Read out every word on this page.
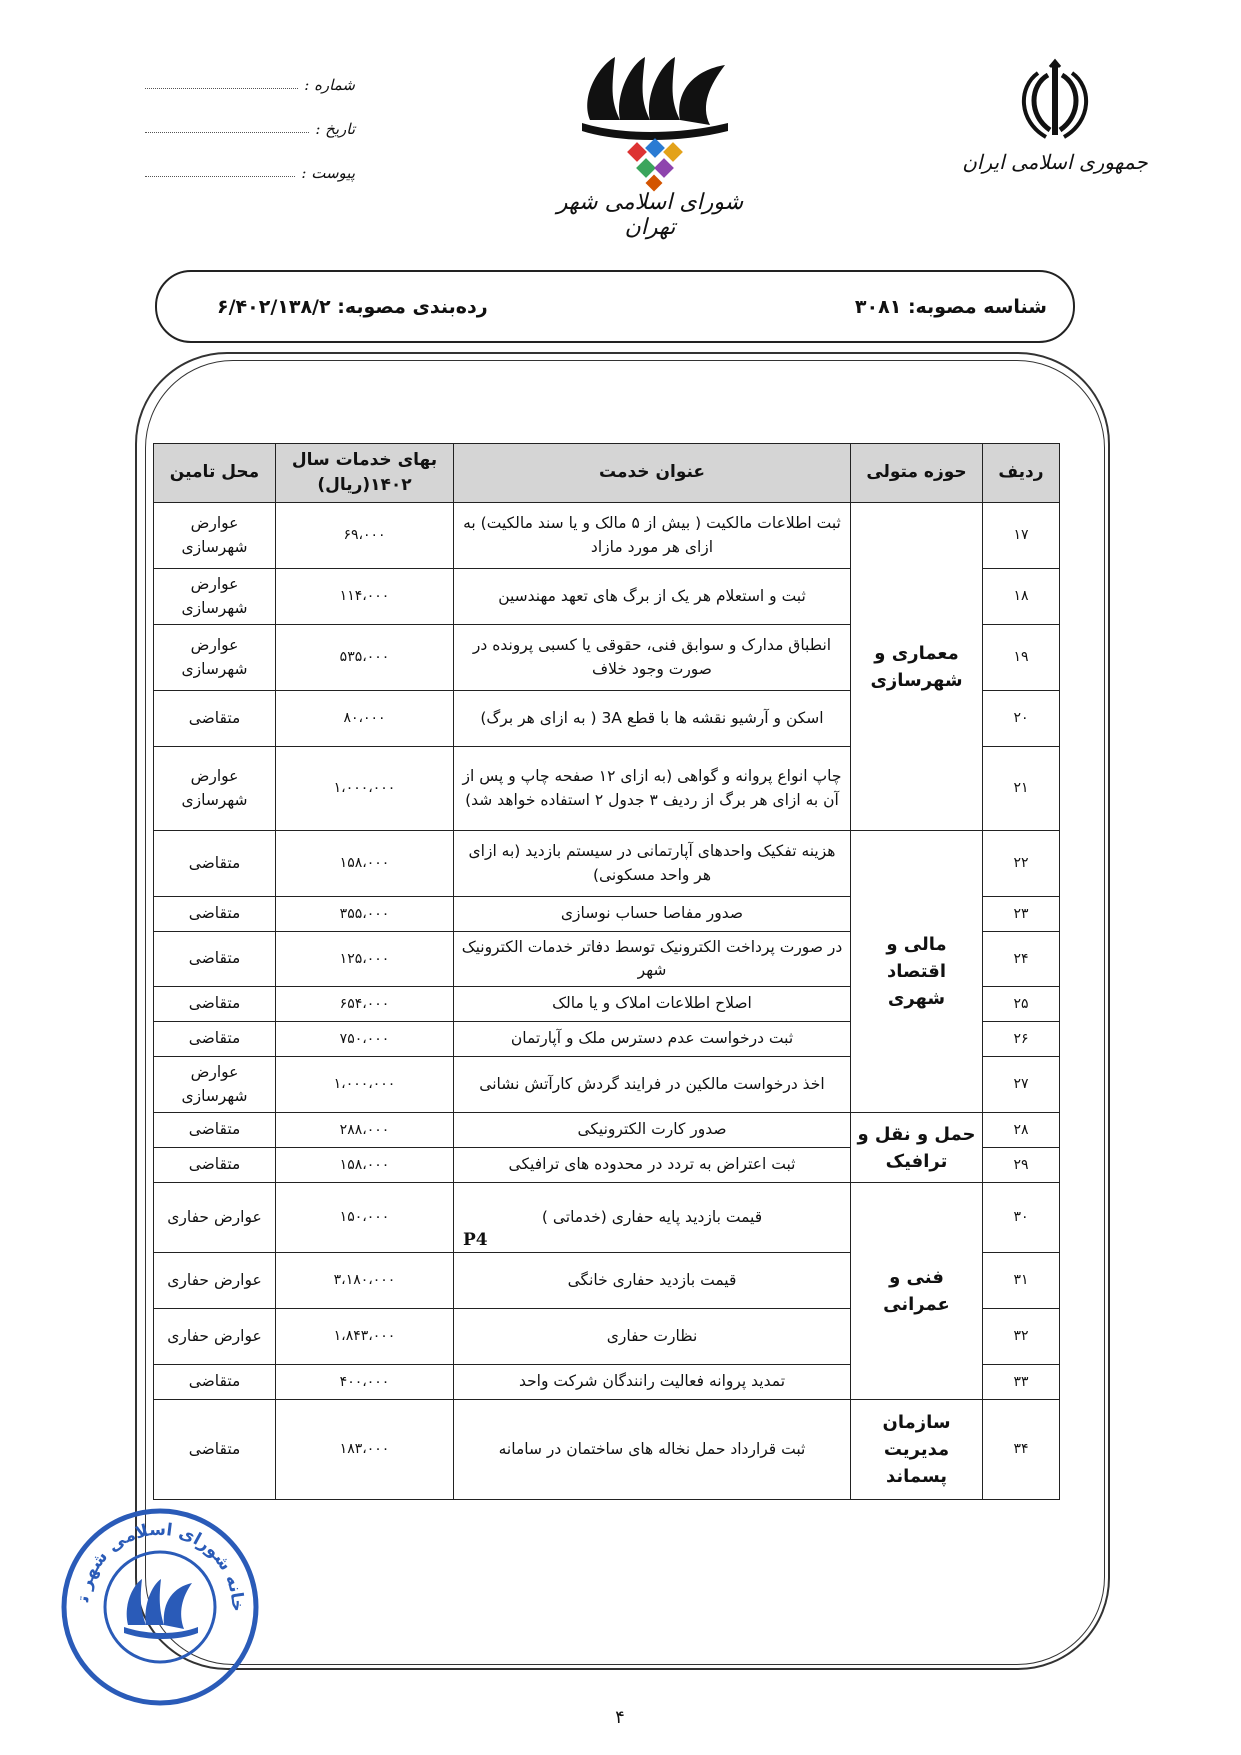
جمهوری اسلامی ایران
شورای اسلامی شهر تهران
شماره :
تاریخ :
پیوست :
شناسه مصوبه: ۳۰۸۱
رده‌بندی مصوبه: ۶/۴۰۲/۱۳۸/۲
ردیف	حوزه متولی	عنوان خدمت	بهای خدمات سال ۱۴۰۲(ریال)	محل تامین
۱۷	معماری و شهرسازی	ثبت اطلاعات مالکیت ( بیش از ۵ مالک و یا سند مالکیت) به ازای هر مورد مازاد	۶۹،۰۰۰	عوارض شهرسازی
۱۸		ثبت و استعلام هر یک از برگ های تعهد مهندسین	۱۱۴،۰۰۰	عوارض شهرسازی
۱۹		انطباق مدارک و سوابق فنی، حقوقی یا کسبی پرونده در صورت وجود خلاف	۵۳۵،۰۰۰	عوارض شهرسازی
۲۰		اسکن و آرشیو نقشه ها با قطع 3A ( به ازای هر برگ)	۸۰،۰۰۰	متقاضی
۲۱		چاپ انواع پروانه و گواهی (به ازای ۱۲ صفحه چاپ و پس از آن به ازای هر برگ از ردیف ۳ جدول ۲ استفاده خواهد شد)	۱،۰۰۰،۰۰۰	عوارض شهرسازی
۲۲	مالی و اقتصاد شهری	هزینه تفکیک واحدهای آپارتمانی در سیستم بازدید (به ازای هر واحد مسکونی)	۱۵۸،۰۰۰	متقاضی
۲۳		صدور مفاصا حساب نوسازی	۳۵۵،۰۰۰	متقاضی
۲۴		در صورت پرداخت الکترونیک توسط دفاتر خدمات الکترونیک شهر	۱۲۵،۰۰۰	متقاضی
۲۵		اصلاح اطلاعات املاک و یا مالک	۶۵۴،۰۰۰	متقاضی
۲۶		ثبت درخواست عدم دسترس ملک و آپارتمان	۷۵۰،۰۰۰	متقاضی
۲۷		اخذ درخواست مالکین در فرایند گردش کارآتش نشانی	۱،۰۰۰،۰۰۰	عوارض شهرسازی
۲۸	حمل و نقل و ترافیک	صدور کارت الکترونیکی	۲۸۸،۰۰۰	متقاضی
۲۹		ثبت اعتراض به تردد در محدوده های ترافیکی	۱۵۸،۰۰۰	متقاضی
۳۰	فنی و عمرانی	قیمت بازدید پایه حفاری (خدماتی )	۱۵۰،۰۰۰	عوارض حفاری
۳۱		قیمت بازدید حفاری خانگی	۳،۱۸۰،۰۰۰	عوارض حفاری
۳۲		نظارت حفاری	۱،۸۴۳،۰۰۰	عوارض حفاری
۳۳		تمدید پروانه فعالیت رانندگان شرکت واحد	۴۰۰،۰۰۰	متقاضی
۳۴	سازمان مدیریت پسماند	ثبت قرارداد حمل نخاله های ساختمان در سامانه	۱۸۳،۰۰۰	متقاضی
P4
خانه شورای اسلامی شهر ت
۴
